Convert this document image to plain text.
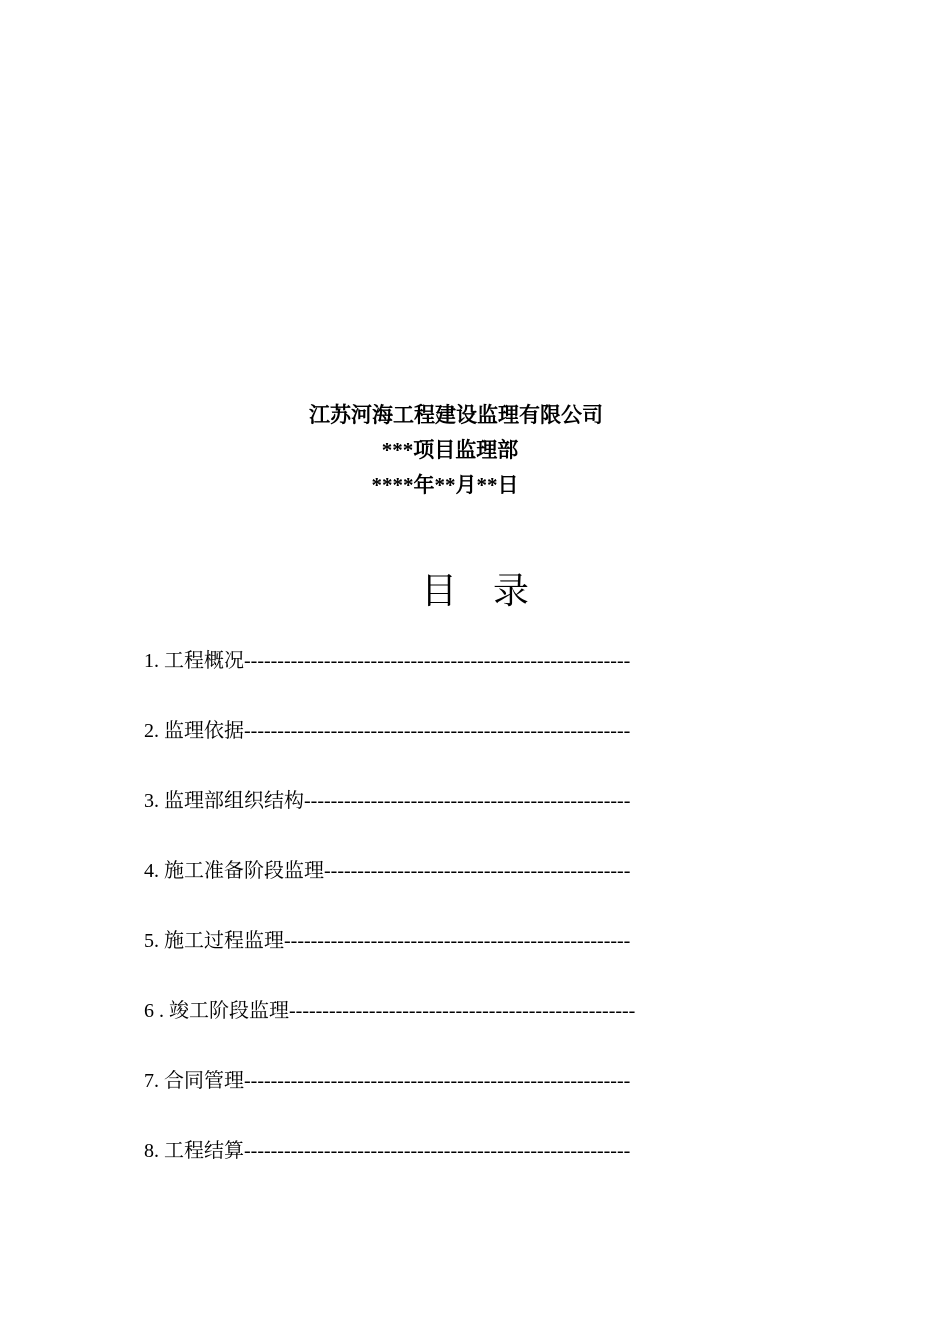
江苏河海工程建设监理有限公司
***项目监理部
****年**月**日
目 录
1. 工程概况----------------------------------------------------------
2. 监理依据----------------------------------------------------------
3. 监理部组织结构-------------------------------------------------
4. 施工准备阶段监理----------------------------------------------
5. 施工过程监理----------------------------------------------------
6 . 竣工阶段监理----------------------------------------------------
7. 合同管理----------------------------------------------------------
8. 工程结算----------------------------------------------------------
